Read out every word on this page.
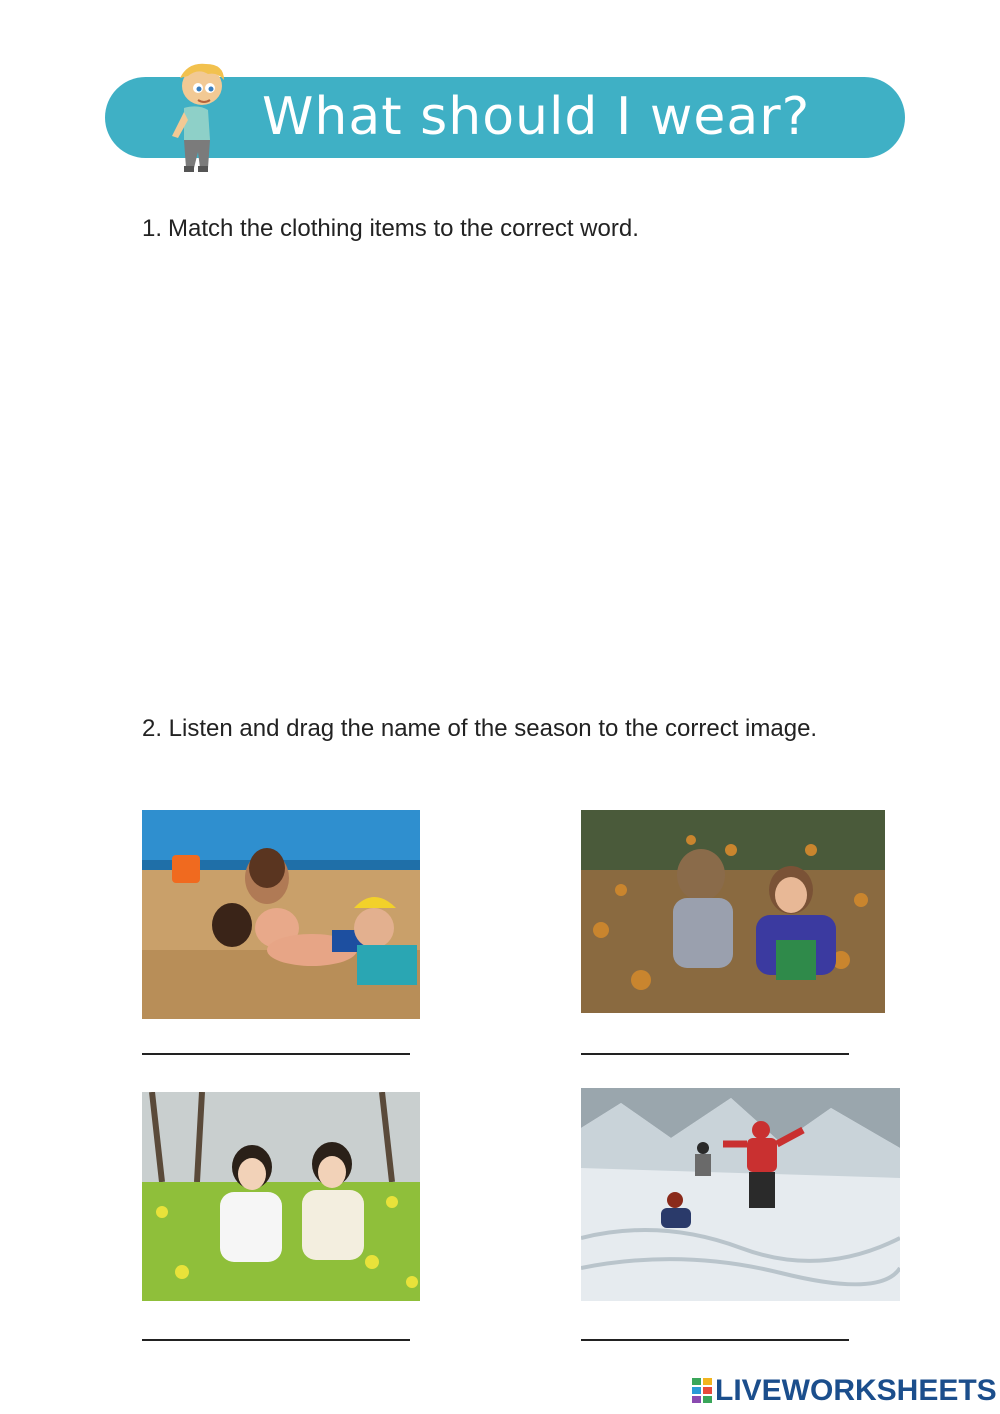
What should I wear?
1. Match the clothing items to the correct word.
2. Listen and drag the name of the season to the correct image.
LIVEWORKSHEETS
